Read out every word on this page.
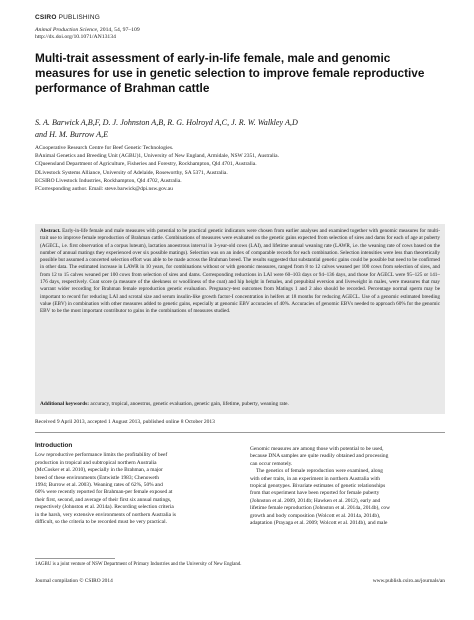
CSIRO PUBLISHING
Animal Production Science, 2014, 54, 97–109
http://dx.doi.org/10.1071/AN13134
Multi-trait assessment of early-in-life female, male and genomic measures for use in genetic selection to improve female reproductive performance of Brahman cattle
S. A. Barwick A,B,F, D. J. Johnston A,B, R. G. Holroyd A,C, J. R. W. Walkley A,D
and H. M. Burrow A,E
ACooperative Research Centre for Beef Genetic Technologies.
BAnimal Genetics and Breeding Unit (AGBU)1, University of New England, Armidale, NSW 2351, Australia.
CQueensland Department of Agriculture, Fisheries and Forestry, Rockhampton, Qld 4701, Australia.
DLivestock Systems Alliance, University of Adelaide, Roseworthy, SA 5371, Australia.
ECSIRO Livestock Industries, Rockhampton, Qld 4702, Australia.
FCorresponding author. Email: steve.barwick@dpi.nsw.gov.au
Abstract. Early-in-life female and male measures with potential to be practical genetic indicators were chosen from earlier analyses and examined together with genomic measures for multi-trait use to improve female reproduction of Brahman cattle. Combinations of measures were evaluated on the genetic gains expected from selection of sires and dams for each of age at puberty (AGECL, i.e. first observation of a corpus luteum), lactation anoestrous interval in 3-year-old cows (LAI), and lifetime annual weaning rate (LAWR, i.e. the weaning rate of cows based on the number of annual matings they experienced over six possible matings). Selection was on an index of comparable records for each combination. Selection intensities were less than theoretically possible but assumed a concerted selection effort was able to be made across the Brahman breed. The results suggested that substantial genetic gains could be possible but need to be confirmed in other data. The estimated increase in LAWR in 10 years, for combinations without or with genomic measures, ranged from 8 to 12 calves weaned per 100 cows from selection of sires, and from 12 to 15 calves weaned per 100 cows from selection of sires and dams. Corresponding reductions in LAI were 60–103 days or 94–136 days, and those for AGECL were 95–125 or 141–176 days, respectively. Coat score (a measure of the sleekness or woolliness of the coat) and hip height in females, and prepubital eversion and liveweight in males, were measures that may warrant wider recording for Brahman female reproduction genetic evaluation. Pregnancy-test outcomes from Matings 1 and 2 also should be recorded. Percentage normal sperm may be important to record for reducing LAI and scrotal size and serum insulin-like growth factor-I concentration in heifers at 18 months for reducing AGECL. Use of a genomic estimated breeding value (EBV) in combination with other measures added to genetic gains, especially at genomic EBV accuracies of 40%. Accuracies of genomic EBVs needed to approach 60% for the genomic EBV to be the most important contributor to gains in the combinations of measures studied.
Additional keywords: accuracy, tropical, anoestrus, genetic evaluation, genetic gain, lifetime, puberty, weaning rate.
Received 9 April 2013, accepted 1 August 2013, published online 8 October 2013
Introduction
Low reproductive performance limits the profitability of beef
production in tropical and subtropical northern Australia
(McCosker et al. 2010), especially in the Brahman, a major
breed of these environments (Entwistle 1983; Chenoweth
1994; Burrow et al. 2003). Weaning rates of 62%, 50% and
60% were recently reported for Brahman-per female exposed at
their first, second, and average of their first six annual matings,
respectively (Johnston et al. 2014a). Recording selection criteria
in the harsh, very extensive environments of northern Australia is
difficult, so the criteria to be recorded must be very practical.
Genomic measures are among those with potential to be used,
because DNA samples are quite readily obtained and processing
can occur remotely.
The genetics of female reproduction were examined, along
with other traits, in an experiment in northern Australia with
tropical genotypes. Bivariate estimates of genetic relationships
from that experiment have been reported for female puberty
(Johnston et al. 2009, 2014b; Hawken et al. 2012), early and
lifetime female reproduction (Johnston et al. 2014a, 2014b), cow
growth and body composition (Wolcott et al. 2014a, 2014b),
adaptation (Prayaga et al. 2009; Wolcott et al. 2014b), and male
1AGBU is a joint venture of NSW Department of Primary Industries and the University of New England.
Journal compilation © CSIRO 2014	www.publish.csiro.au/journals/an
